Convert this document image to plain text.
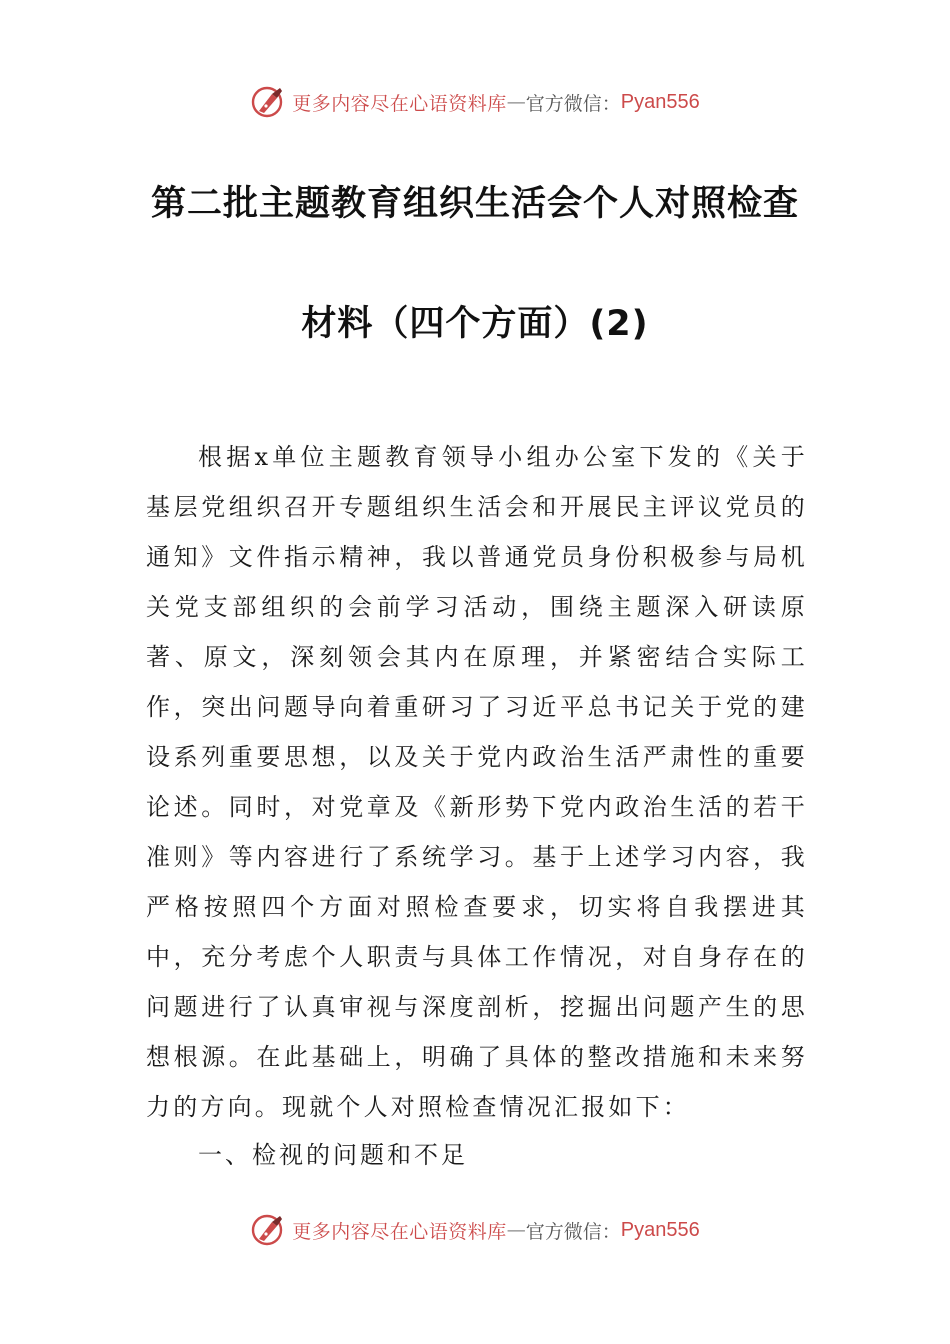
更多内容尽在心语资料库 — 官方微信： Pyan556
第二批主题教育组织生活会个人对照检查
材料（四个方面）(2)

根据x单位主题教育领导小组办公室下发的《关于基层党组织召开专题组织生活会和开展民主评议党员的通知》文件指示精神，我以普通党员身份积极参与局机关党支部组织的会前学习活动，围绕主题深入研读原著、原文，深刻领会其内在原理，并紧密结合实际工作，突出问题导向着重研习了习近平总书记关于党的建设系列重要思想，以及关于党内政治生活严肃性的重要论述。同时，对党章及《新形势下党内政治生活的若干准则》等内容进行了系统学习。基于上述学习内容，我严格按照四个方面对照检查要求，切实将自我摆进其中，充分考虑个人职责与具体工作情况，对自身存在的问题进行了认真审视与深度剖析，挖掘出问题产生的思想根源。在此基础上，明确了具体的整改措施和未来努力的方向。现就个人对照检查情况汇报如下：

一、检视的问题和不足

更多内容尽在心语资料库 — 官方微信： Pyan556
